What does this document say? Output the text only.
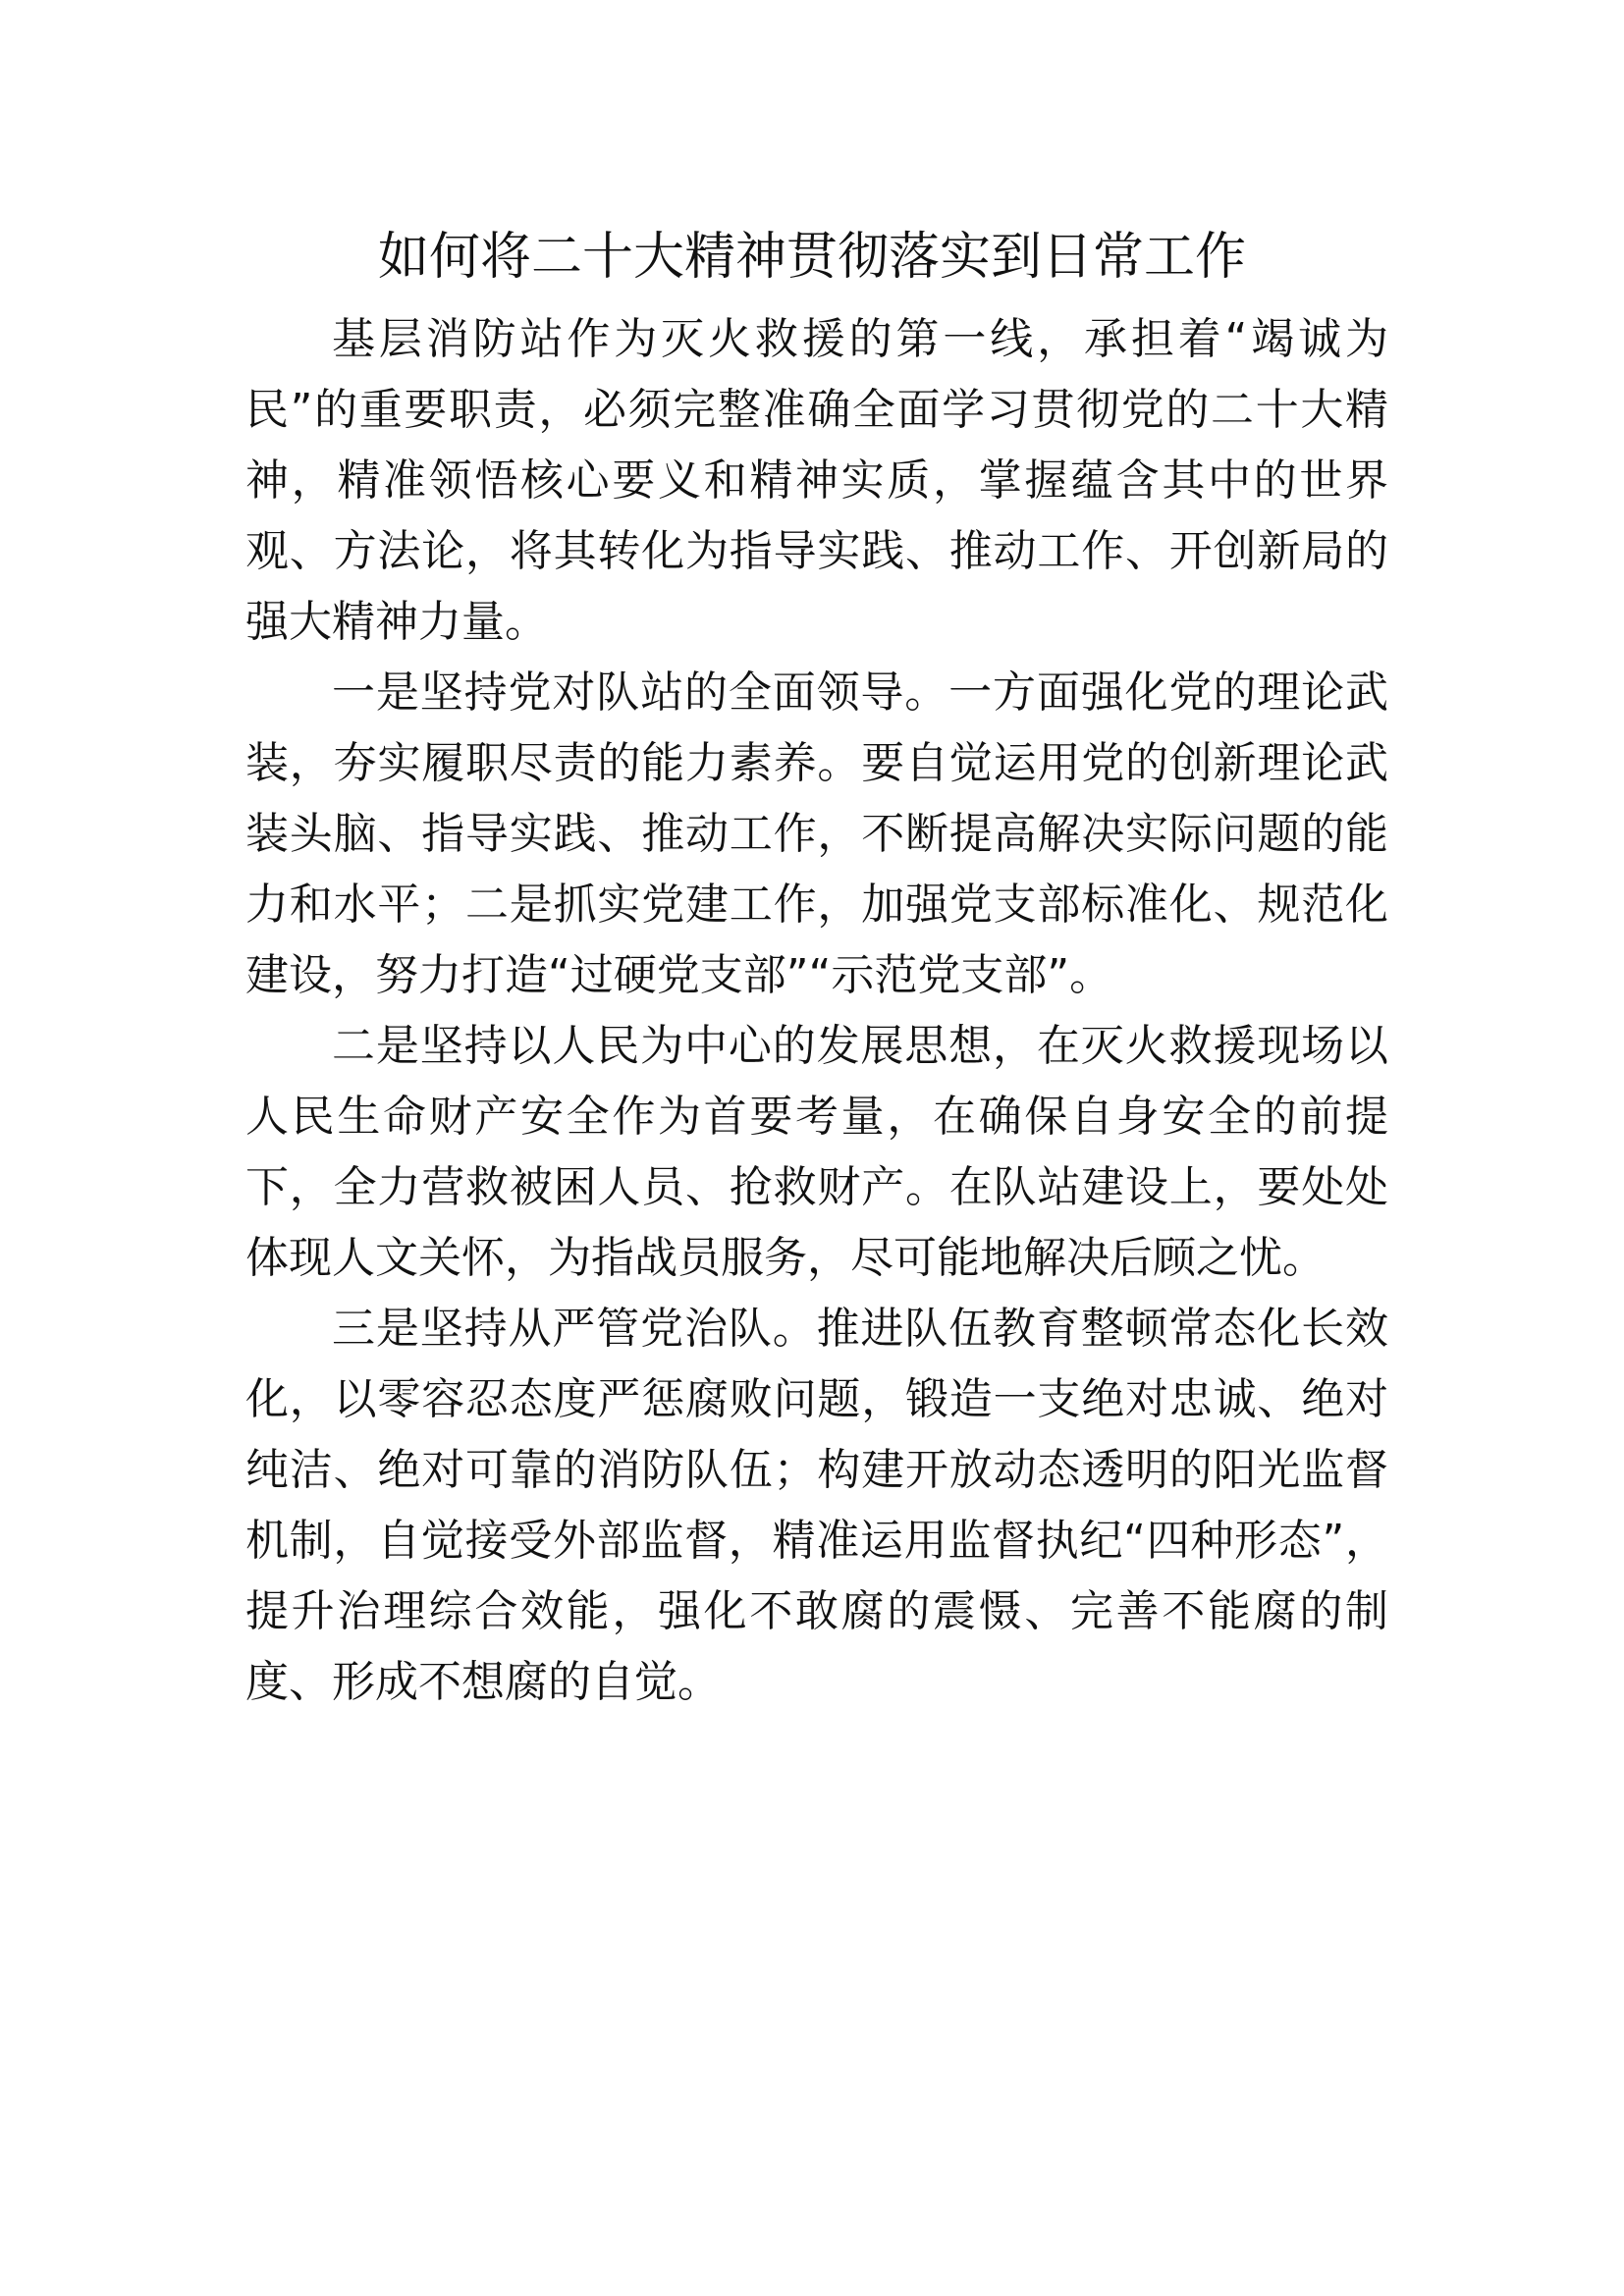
如何将二十大精神贯彻落实到日常工作

基层消防站作为灭火救援的第一线，承担着“竭诚为民”的重要职责，必须完整准确全面学习贯彻党的二十大精神，精准领悟核心要义和精神实质，掌握蕴含其中的世界观、方法论，将其转化为指导实践、推动工作、开创新局的强大精神力量。

一是坚持党对队站的全面领导。一方面强化党的理论武装，夯实履职尽责的能力素养。要自觉运用党的创新理论武装头脑、指导实践、推动工作，不断提高解决实际问题的能力和水平；二是抓实党建工作，加强党支部标准化、规范化建设，努力打造“过硬党支部”“示范党支部”。

二是坚持以人民为中心的发展思想，在灭火救援现场以人民生命财产安全作为首要考量，在确保自身安全的前提下，全力营救被困人员、抢救财产。在队站建设上，要处处体现人文关怀，为指战员服务，尽可能地解决后顾之忧。

三是坚持从严管党治队。推进队伍教育整顿常态化长效化，以零容忍态度严惩腐败问题，锻造一支绝对忠诚、绝对纯洁、绝对可靠的消防队伍；构建开放动态透明的阳光监督机制，自觉接受外部监督，精准运用监督执纪“四种形态”，提升治理综合效能，强化不敢腐的震慑、完善不能腐的制度、形成不想腐的自觉。
